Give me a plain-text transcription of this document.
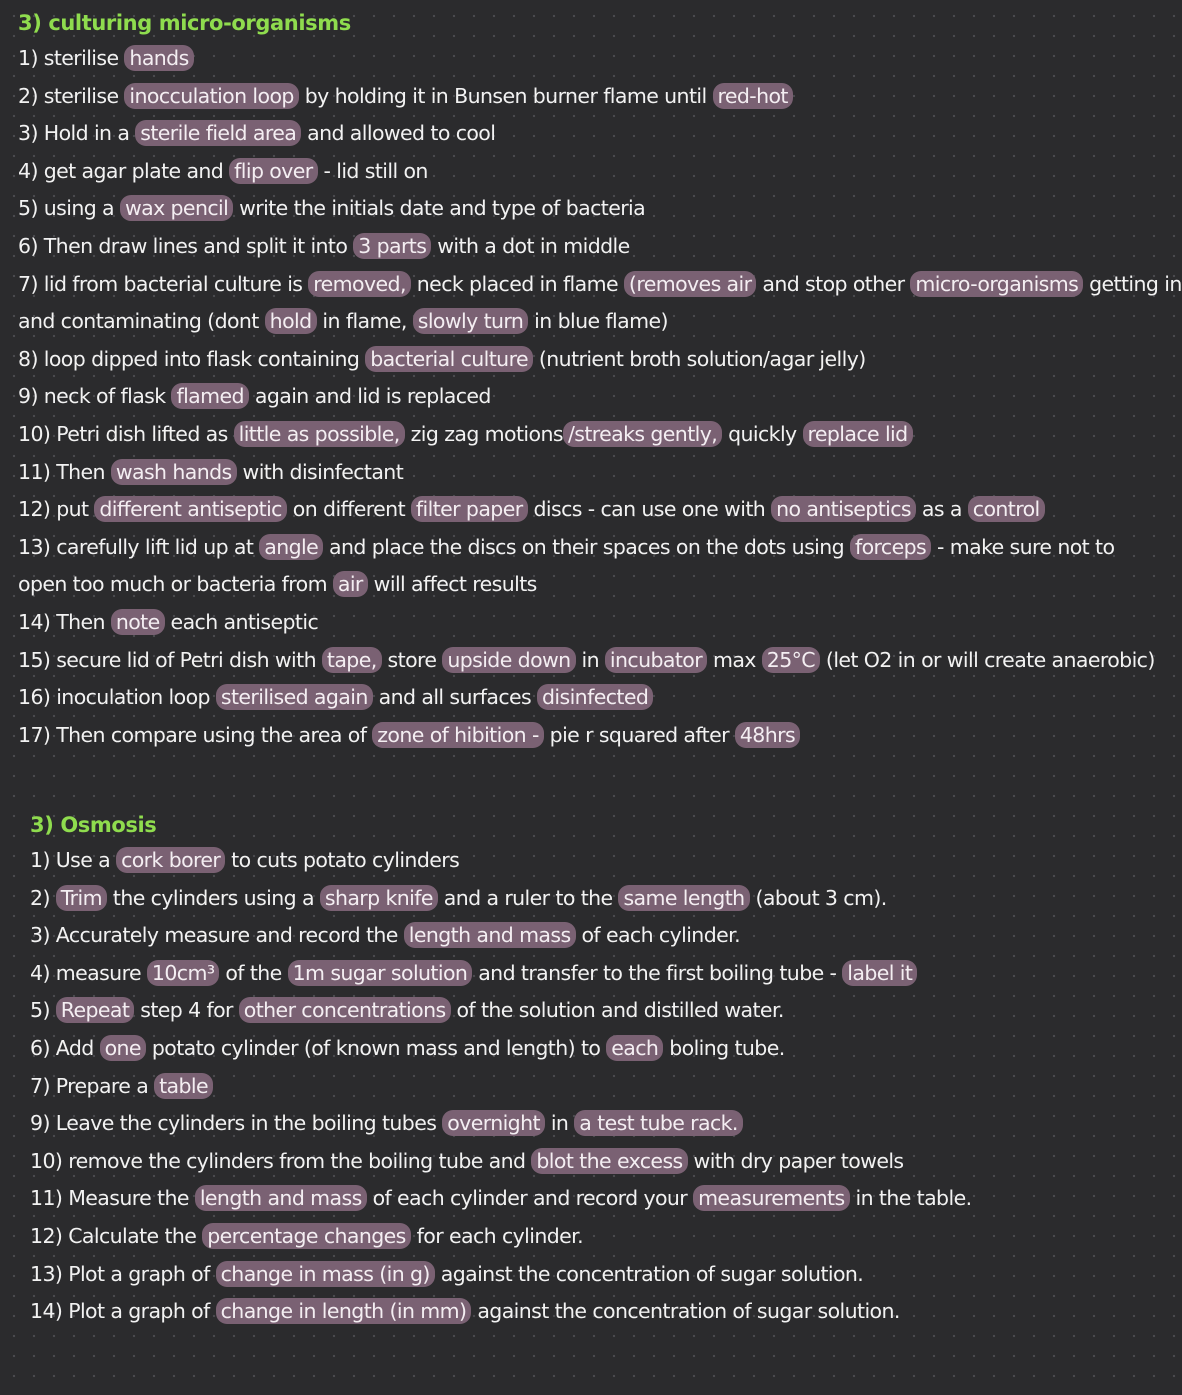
3) culturing micro-organisms
1) sterilise hands
2) sterilise inocculation loop by holding it in Bunsen burner flame until red-hot
3) Hold in a sterile field area and allowed to cool
4) get agar plate and flip over - lid still on
5) using a wax pencil write the initials date and type of bacteria
6) Then draw lines and split it into 3 parts with a dot in middle
7) lid from bacterial culture is removed, neck placed in flame (removes air and stop other micro-organisms getting in
and contaminating (dont hold in flame, slowly turn in blue flame)
8) loop dipped into flask containing bacterial culture (nutrient broth solution/agar jelly)
9) neck of flask flamed again and lid is replaced
10) Petri dish lifted as little as possible, zig zag motions /streaks gently, quickly replace lid
11) Then wash hands with disinfectant
12) put different antiseptic on different filter paper discs - can use one with no antiseptics as a control
13) carefully lift lid up at angle and place the discs on their spaces on the dots using forceps - make sure not to
open too much or bacteria from air will affect results
14) Then note each antiseptic
15) secure lid of Petri dish with tape, store upside down in incubator max 25°C (let O2 in or will create anaerobic)
16) inoculation loop sterilised again and all surfaces disinfected
17) Then compare using the area of zone of hibition - pie r squared after 48hrs
3) Osmosis
1) Use a cork borer to cuts potato cylinders
2) Trim the cylinders using a sharp knife and a ruler to the same length (about 3 cm).
3) Accurately measure and record the length and mass of each cylinder.
4) measure 10cm³ of the 1m sugar solution and transfer to the first boiling tube - label it
5) Repeat step 4 for other concentrations of the solution and distilled water.
6) Add one potato cylinder (of known mass and length) to each boling tube.
7) Prepare a table
9) Leave the cylinders in the boiling tubes overnight in a test tube rack.
10) remove the cylinders from the boiling tube and blot the excess with dry paper towels
11) Measure the length and mass of each cylinder and record your measurements in the table.
12) Calculate the percentage changes for each cylinder.
13) Plot a graph of change in mass (in g) against the concentration of sugar solution.
14) Plot a graph of change in length (in mm) against the concentration of sugar solution.
